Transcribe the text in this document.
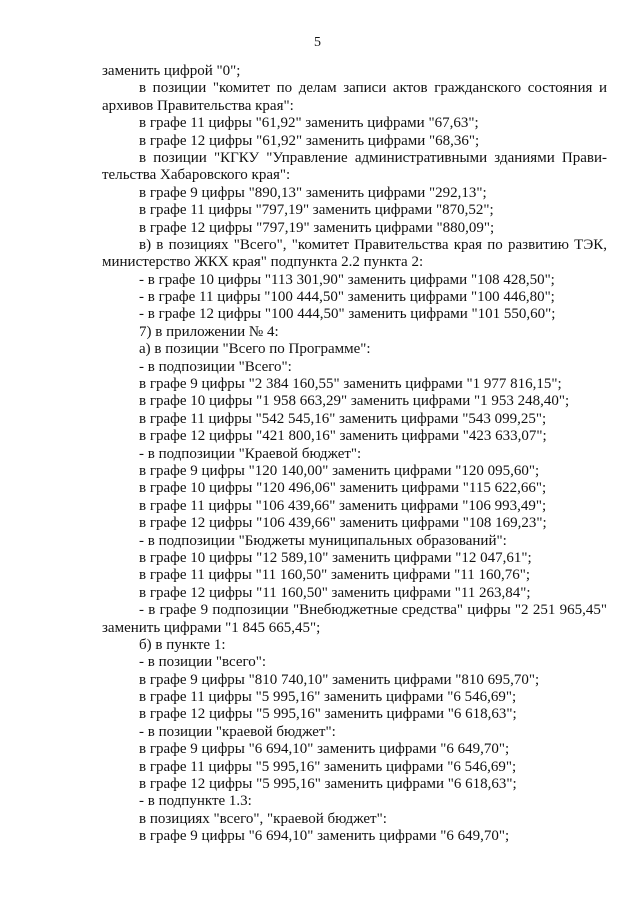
5
заменить цифрой "0";
в позиции "комитет по делам записи актов гражданского состояния и
архивов Правительства края":
в графе 11 цифры "61,92" заменить цифрами "67,63";
в графе 12 цифры "61,92" заменить цифрами "68,36";
в позиции "КГКУ "Управление административными зданиями Прави-
тельства Хабаровского края":
в графе 9 цифры "890,13" заменить цифрами "292,13";
в графе 11 цифры "797,19" заменить цифрами "870,52";
в графе 12 цифры "797,19" заменить цифрами "880,09";
в) в позициях "Всего", "комитет Правительства края по развитию ТЭК,
министерство ЖКХ края" подпункта 2.2 пункта 2:
- в графе 10 цифры "113 301,90" заменить цифрами "108 428,50";
- в графе 11 цифры "100 444,50" заменить цифрами "100 446,80";
- в графе 12 цифры "100 444,50" заменить цифрами "101 550,60";
7) в приложении № 4:
а) в позиции "Всего по Программе":
- в подпозиции "Всего":
в графе 9 цифры "2 384 160,55" заменить цифрами "1 977 816,15";
в графе 10 цифры "1 958 663,29" заменить цифрами "1 953 248,40";
в графе 11 цифры "542 545,16" заменить цифрами "543 099,25";
в графе 12 цифры "421 800,16" заменить цифрами "423 633,07";
- в подпозиции "Краевой бюджет":
в графе 9 цифры "120 140,00" заменить цифрами "120 095,60";
в графе 10 цифры "120 496,06" заменить цифрами "115 622,66";
в графе 11 цифры "106 439,66" заменить цифрами "106 993,49";
в графе 12 цифры "106 439,66" заменить цифрами "108 169,23";
- в подпозиции "Бюджеты муниципальных образований":
в графе 10 цифры "12 589,10" заменить цифрами "12 047,61";
в графе 11 цифры "11 160,50" заменить цифрами "11 160,76";
в графе 12 цифры "11 160,50" заменить цифрами "11 263,84";
- в графе 9 подпозиции "Внебюджетные средства" цифры "2 251 965,45"
заменить цифрами "1 845 665,45";
б) в пункте 1:
- в позиции "всего":
в графе 9 цифры "810 740,10" заменить цифрами "810 695,70";
в графе 11 цифры "5 995,16" заменить цифрами "6 546,69";
в графе 12 цифры "5 995,16" заменить цифрами "6 618,63";
- в позиции "краевой бюджет":
в графе 9 цифры "6 694,10" заменить цифрами "6 649,70";
в графе 11 цифры "5 995,16" заменить цифрами "6 546,69";
в графе 12 цифры "5 995,16" заменить цифрами "6 618,63";
- в подпункте 1.3:
в позициях "всего", "краевой бюджет":
в графе 9 цифры "6 694,10" заменить цифрами "6 649,70";
